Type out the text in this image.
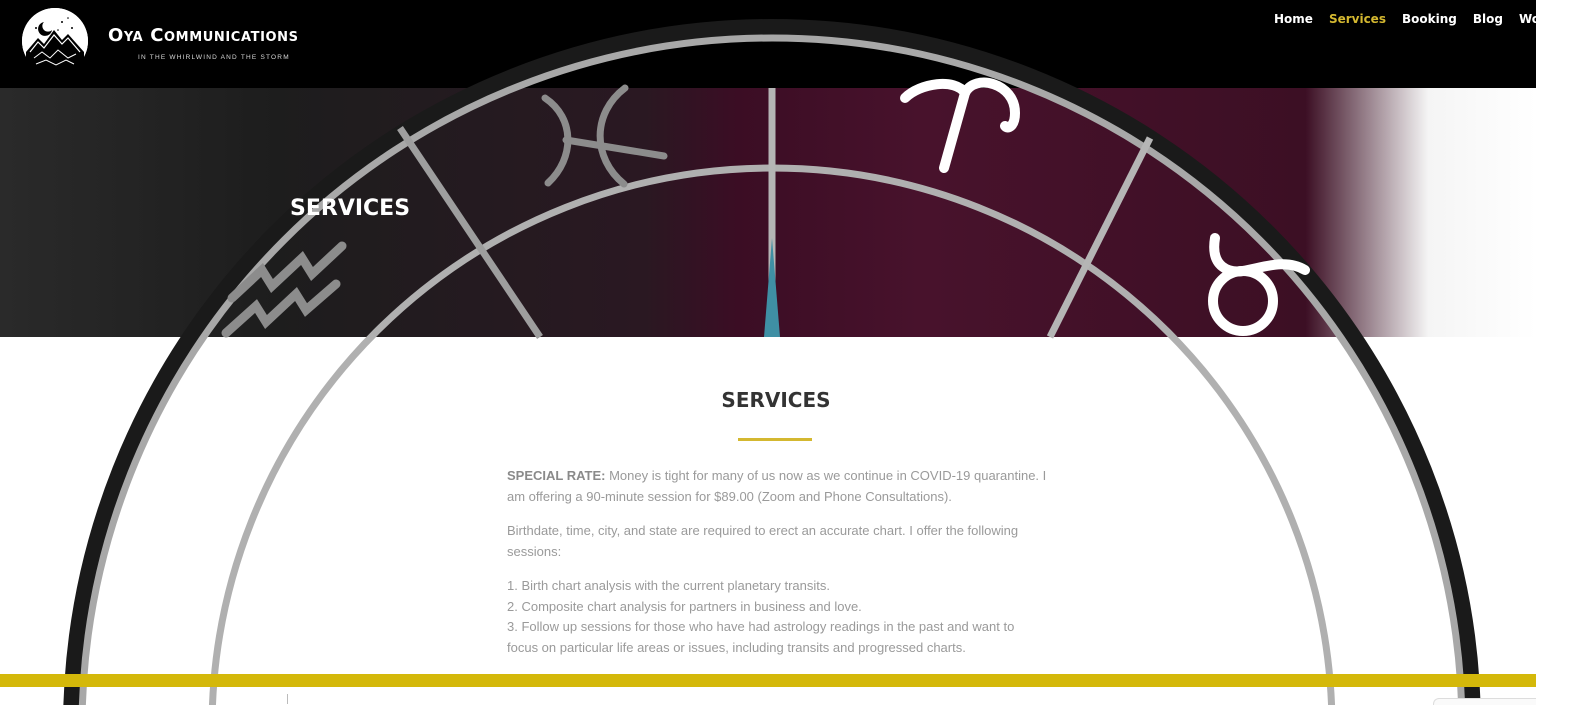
Oya Communications
IN THE WHIRLWIND AND THE STORM
Home Services Booking Blog Workshop
SERVICES
SERVICES

SPECIAL RATE: Money is tight for many of us now as we continue in COVID-19 quarantine. I am offering a 90-minute session for $89.00 (Zoom and Phone Consultations).

Birthdate, time, city, and state are required to erect an accurate chart. I offer the following sessions:

1. Birth chart analysis with the current planetary transits.
2. Composite chart analysis for partners in business and love.
3. Follow up sessions for those who have had astrology readings in the past and want to focus on particular life areas or issues, including transits and progressed charts.
